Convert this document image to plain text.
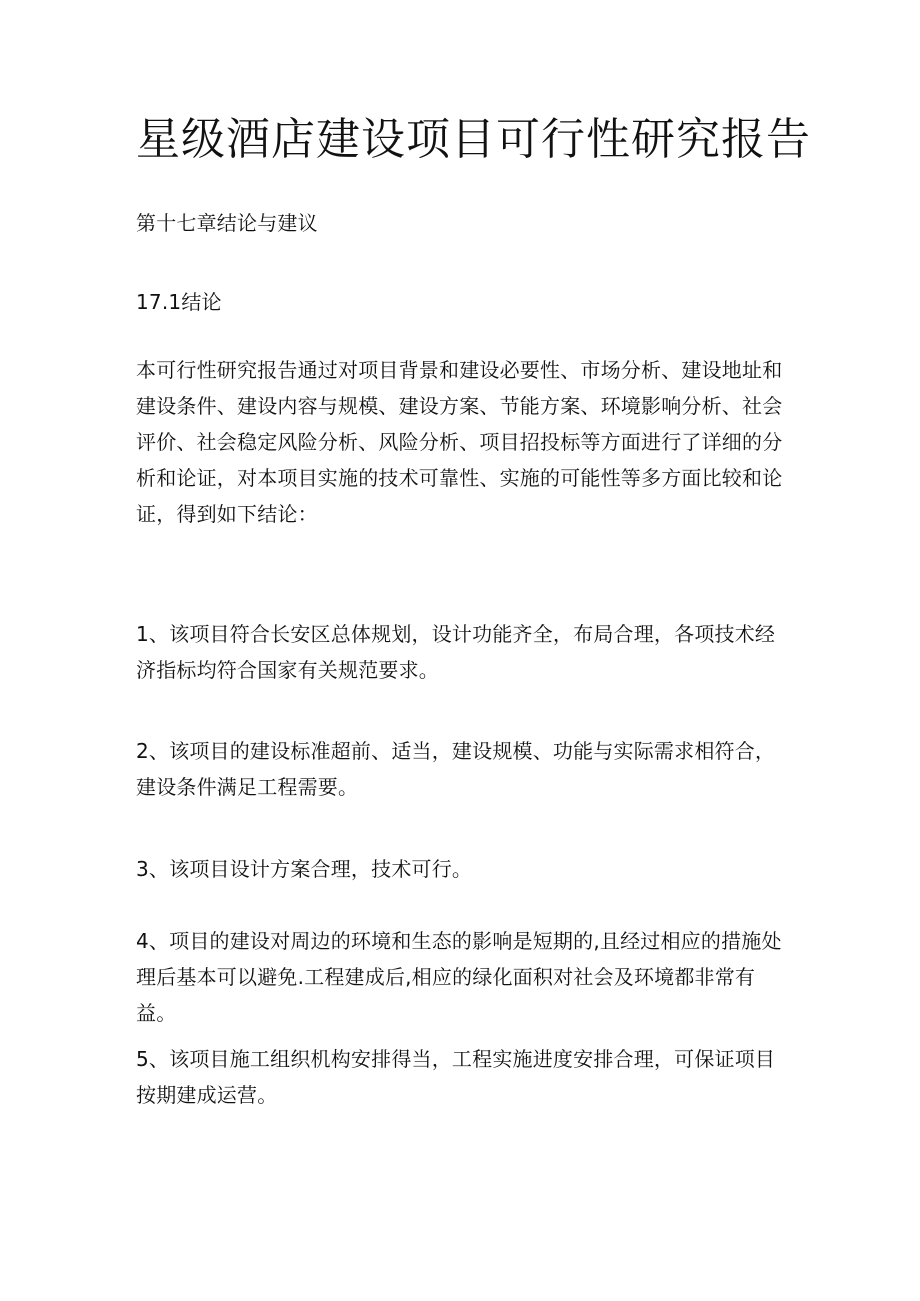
星级酒店建设项目可行性研究报告

第十七章结论与建议

17.1结论

本可行性研究报告通过对项目背景和建设必要性、市场分析、建设地址和建设条件、建设内容与规模、建设方案、节能方案、环境影响分析、社会评价、社会稳定风险分析、风险分析、项目招投标等方面进行了详细的分析和论证，对本项目实施的技术可靠性、实施的可能性等多方面比较和论证，得到如下结论：

1、该项目符合长安区总体规划，设计功能齐全，布局合理，各项技术经济指标均符合国家有关规范要求。

2、该项目的建设标准超前、适当，建设规模、功能与实际需求相符合，建设条件满足工程需要。

3、该项目设计方案合理，技术可行。

4、项目的建设对周边的环境和生态的影响是短期的,且经过相应的措施处理后基本可以避免.工程建成后,相应的绿化面积对社会及环境都非常有益。

5、该项目施工组织机构安排得当，工程实施进度安排合理，可保证项目按期建成运营。
